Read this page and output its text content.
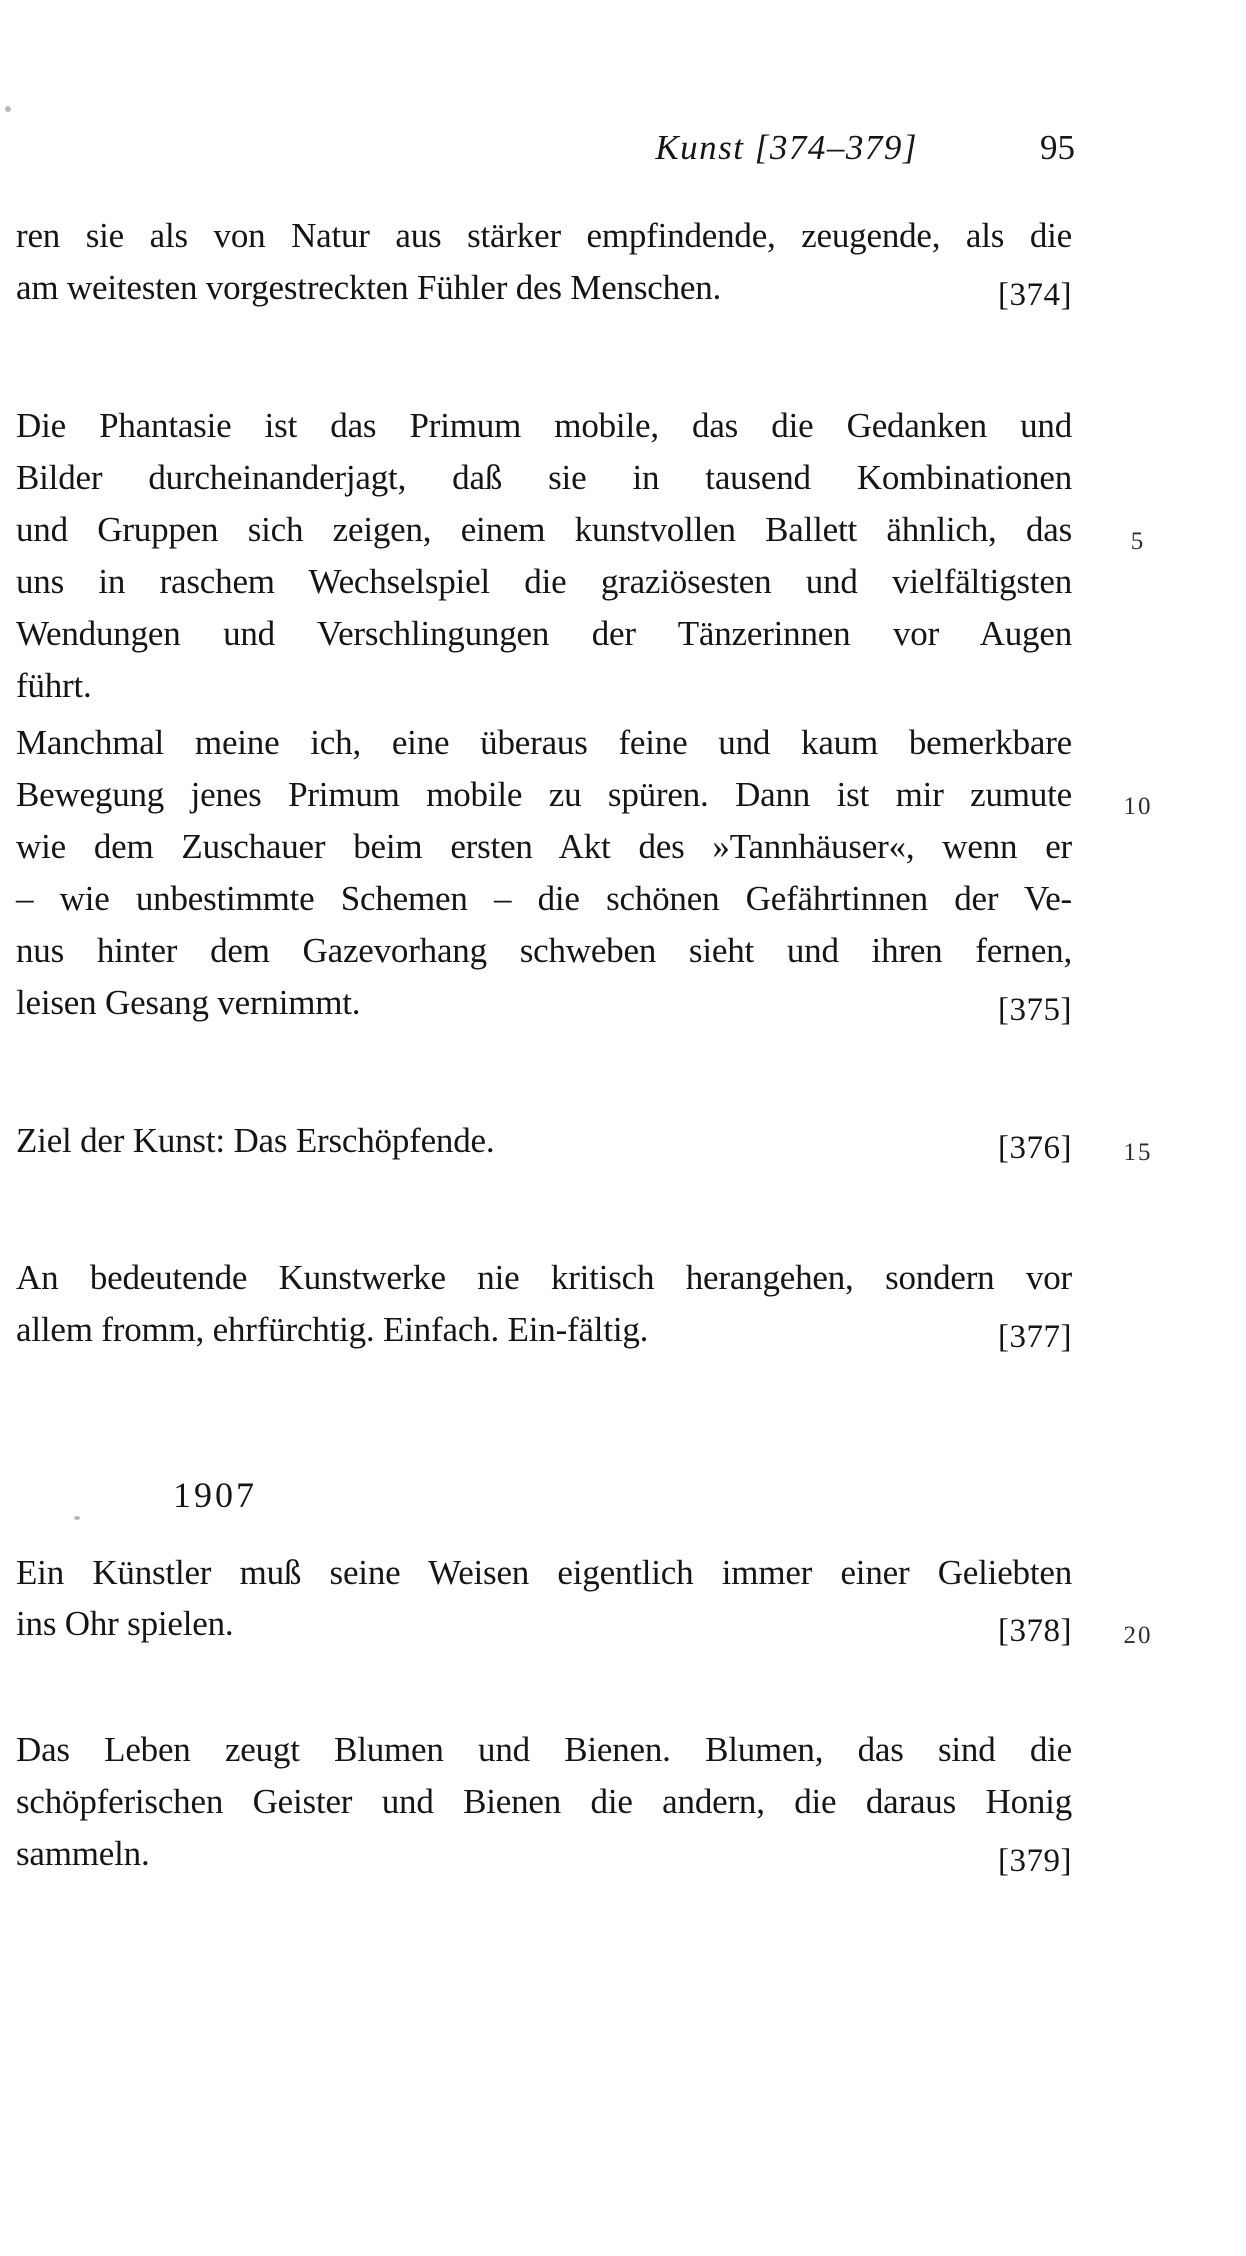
Kunst [374–379]	95
ren sie als von Natur aus stärker empfindende, zeugende, als die
am weitesten vorgestreckten Fühler des Menschen.	[374]
Die Phantasie ist das Primum mobile, das die Gedanken und
Bilder durcheinanderjagt, daß sie in tausend Kombinationen
und Gruppen sich zeigen, einem kunstvollen Ballett ähnlich, das
uns in raschem Wechselspiel die graziösesten und vielfältigsten
Wendungen und Verschlingungen der Tänzerinnen vor Augen
führt.
Manchmal meine ich, eine überaus feine und kaum bemerkbare
Bewegung jenes Primum mobile zu spüren. Dann ist mir zumute
wie dem Zuschauer beim ersten Akt des »Tannhäuser«, wenn er
– wie unbestimmte Schemen – die schönen Gefährtinnen der Ve-
nus hinter dem Gazevorhang schweben sieht und ihren fernen,
leisen Gesang vernimmt.	[375]
Ziel der Kunst: Das Erschöpfende.	[376]
An bedeutende Kunstwerke nie kritisch herangehen, sondern vor
allem fromm, ehrfürchtig. Einfach. Ein-fältig.	[377]
1907
Ein Künstler muß seine Weisen eigentlich immer einer Geliebten
ins Ohr spielen.	[378]
Das Leben zeugt Blumen und Bienen. Blumen, das sind die
schöpferischen Geister und Bienen die andern, die daraus Honig
sammeln.	[379]
5
10
15
20
